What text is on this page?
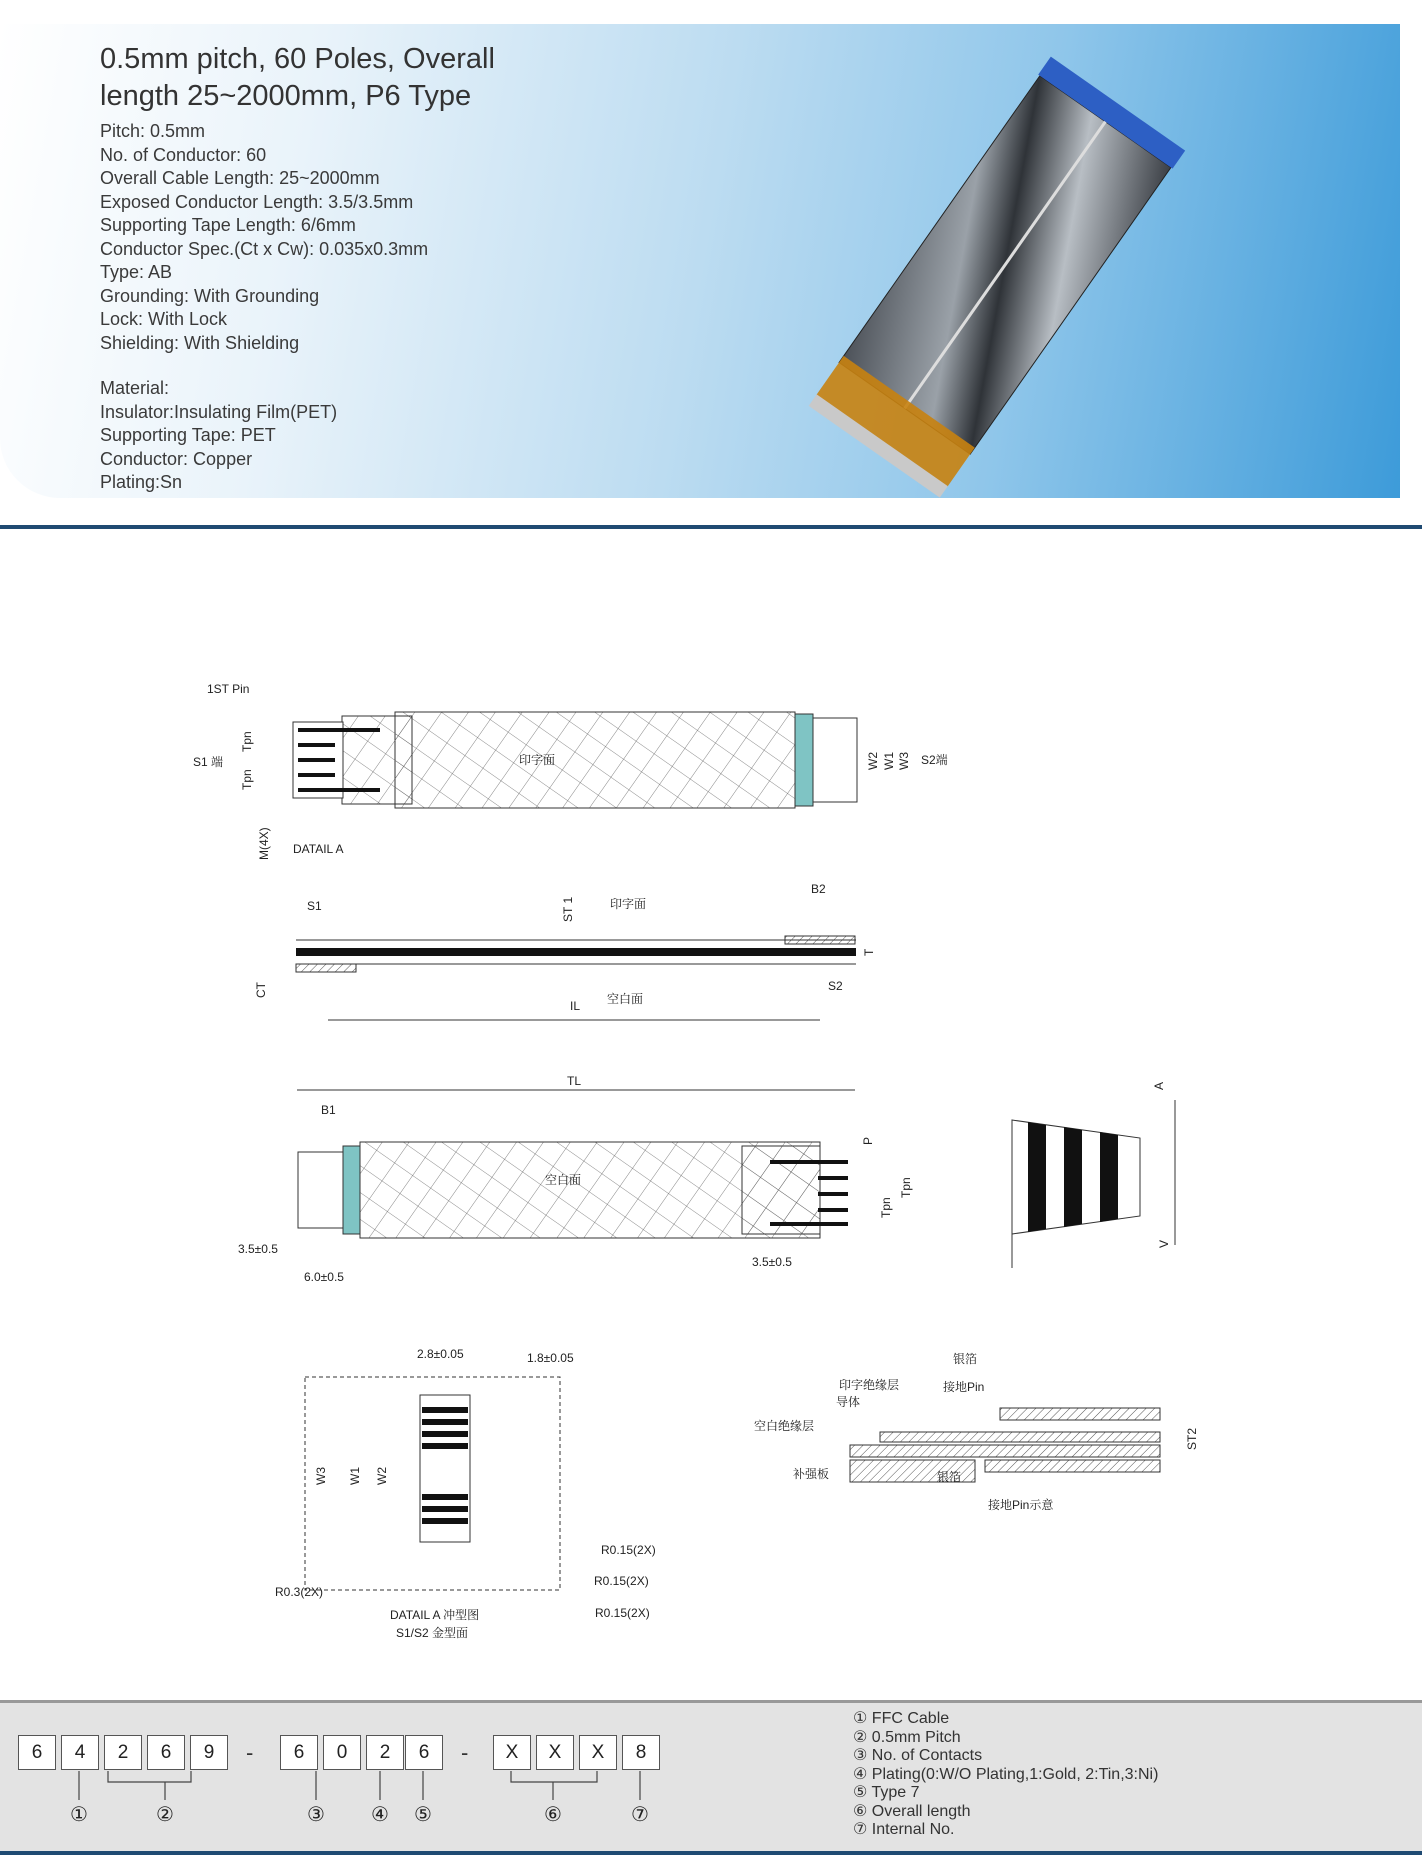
0.5mm pitch, 60 Poles, Overall
length 25~2000mm, P6 Type
Pitch: 0.5mm
No. of Conductor: 60
Overall Cable Length: 25~2000mm
Exposed Conductor Length: 3.5/3.5mm
Supporting Tape Length: 6/6mm
Conductor Spec.(Ct x Cw): 0.035x0.3mm
Type: AB
Grounding: With Grounding
Lock: With Lock
Shielding: With Shielding
Material:
Insulator:Insulating Film(PET)
Supporting Tape: PET
Conductor: Copper
Plating:Sn
1ST Pin
S1 端
Tpn
Tpn
M(4X) DATAIL A
印字面	W2 W1 W3 S2端
S1	ST 1	印字面
B2
T
CT
IL 空白面
S2
TL
B1
空白面
P
Tpn
Tpn
3.5±0.5
6.0±0.5
3.5±0.5
A
V
2.8±0.05	1.8±0.05
W3 W1 W2
R0.3(2X)
R0.15(2X)
R0.15(2X)
R0.15(2X)
DATAIL A 冲型图
S1/S2 金型面
银箔
印字绝缘层	接地Pin
导体
空白绝缘层
补强板	银箔
ST2
接地Pin示意
6	4	2	6	9	-	6	0	2	6	-	X	X	X	8
①	②	③	④	⑤	⑥	⑦
① FFC Cable
② 0.5mm Pitch
③ No. of Contacts
④ Plating(0:W/O Plating,1:Gold, 2:Tin,3:Ni)
⑤ Type 7
⑥ Overall length
⑦ Internal No.
